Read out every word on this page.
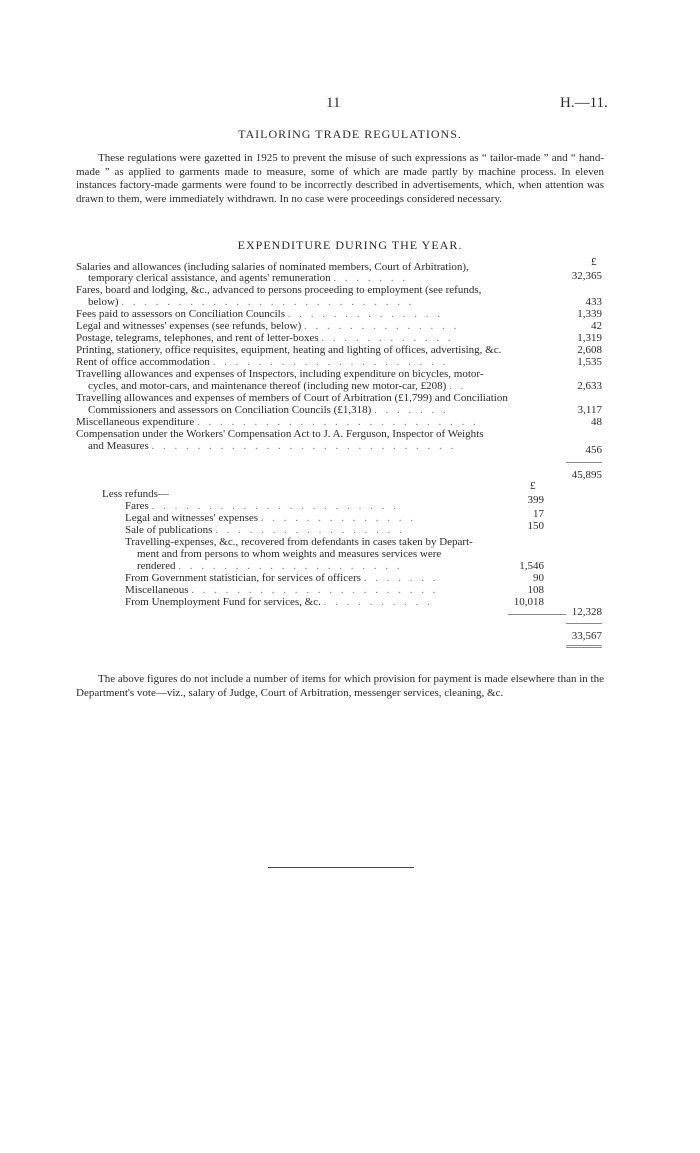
11	H.—11.
TAILORING TRADE REGULATIONS.
These regulations were gazetted in 1925 to prevent the misuse of such expressions as “ tailor-made ” and “ hand-made ” as applied to garments made to measure, some of which are made partly by machine process. In eleven instances factory-made garments were found to be incorrectly described in advertisements, which, when attention was drawn to them, were immediately withdrawn. In no case were proceedings considered necessary.
EXPENDITURE DURING THE YEAR.
£
Salaries and allowances (including salaries of nominated members, Court of Arbitration),
temporary clerical assistance, and agents' remuneration . . . . . . .	32,365
Fares, board and lodging, &c., advanced to persons proceeding to employment (see refunds,
below) . . . . . . . . . . . . . . . . . . . . . . . . . .	433
Fees paid to assessors on Conciliation Councils . . . . . . . . . . . . . .	1,339
Legal and witnesses' expenses (see refunds, below) . . . . . . . . . . . . . .	42
Postage, telegrams, telephones, and rent of letter-boxes . . . . . . . . . . . .	1,319
Printing, stationery, office requisites, equipment, heating and lighting of offices, advertising, &c.	2,608
Rent of office accommodation . . . . . . . . . . . . . . . . . . . . .	1,535
Travelling allowances and expenses of Inspectors, including expenditure on bicycles, motor-
cycles, and motor-cars, and maintenance thereof (including new motor-car, £208) . .	2,633
Travelling allowances and expenses of members of Court of Arbitration (£1,799) and Conciliation
Commissioners and assessors on Conciliation Councils (£1,318) . . . . . . .	3,117
Miscellaneous expenditure . . . . . . . . . . . . . . . . . . . . . . . . .	48
Compensation under the Workers' Compensation Act to J. A. Ferguson, Inspector of Weights
and Measures . . . . . . . . . . . . . . . . . . . . . . . . . . .	456
45,895
£
Less refunds—
Fares . . . . . . . . . . . . . . . . . . . . . .	399
Legal and witnesses' expenses . . . . . . . . . . . . . .	17
Sale of publications . . . . . . . . . . . . . . . . .	150
Travelling-expenses, &c., recovered from defendants in cases taken by Depart-
ment and from persons to whom weights and measures services were
rendered . . . . . . . . . . . . . . . . . . . .	1,546
From Government statistician, for services of officers . . . . . . .	90
Miscellaneous . . . . . . . . . . . . . . . . . . . . . .	108
From Unemployment Fund for services, &c. . . . . . . . . . .	10,018
12,328
33,567
The above figures do not include a number of items for which provision for payment is made elsewhere than in the Department's vote—viz., salary of Judge, Court of Arbitration, messenger services, cleaning, &c.
